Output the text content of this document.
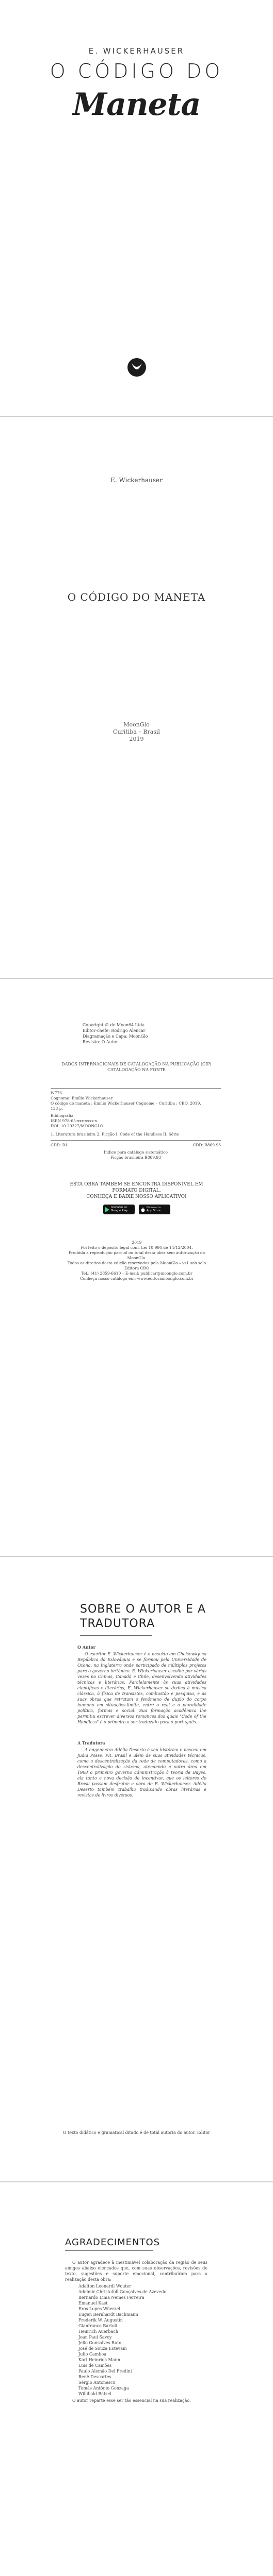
E. WICKERHAUSER
O CÓDIGO DO
Maneta
E. Wickerhauser
O CÓDIGO DO MANETA
MoonGlo
Curitiba – Brasil
2019
Copyright © de Moon64 Ltda.
Editor-chefe: Rodrigo Alencar
Diagramação e Capa: MoonGlo
Revisão: O Autor
DADOS INTERNACIONAIS DE CATALOGAÇÃO NA PUBLICAÇÃO (CIP)
CATALOGAÇÃO NA FONTE
W776
Cognome: Emílio Wickerhauser
O código do maneta : Emílio Wickerhauser Cognome – Curitiba : CBO, 2019.
138 p.
Bibliografia
ISBN 978-65-xxx-xxxx-x
DOI: 10.29327/MOONGLO
1. Literatura brasileira 2. Ficção I. Code of the Handless II. Série
CDD: B1	CDD: B869.93
Índice para catálogo sistemático
Ficção brasileira B869.93
ESTA OBRA TAMBÉM SE ENCONTRA DISPONÍVEL EM
FORMATO DIGITAL.
CONHEÇA E BAIXE NOSSO APLICATIVO!
DISPONÍVEL NO
Google Play
Disponível na
App Store
2019
Foi feito o depósito legal conf. Lei 10.994 de 14/12/2004.
Proibida a reprodução parcial ou total desta obra sem autorização da MoonGlo.
Todos os direitos desta edição reservados pela MoonGlo – vs1 sob selo Editora CBO
Tel.: (41) 2859-6610 – E-mail: publicar@moonglo.com.br
Conheça nosso catálogo em: www.editoramoonglo.com.br
SOBRE O AUTOR E A TRADUTORA
O Autor

O escritor E. Wickerhauser é o nascido em Chelsewky na República da Eslováquia e se formou pela Universidade de Ozona, na Inglaterra onde participado de múltiplos projetos para o governo britânico. E. Wickerhauser escolhe por várias vezes no Chinas, Canadá e Chile, desenvolvendo atividades técnicas e literárias. Paralelamente às suas atividades científicas e literárias, E. Wickerhauser se dedica à música clássica, à física de transistes, combustão e pesquisa, e às suas obras que retratam o fenômeno de duplo do corpo humano em situações-limite, entre o real e a pluralidade política, formas e social. Sua formação acadêmica lhe permitiu escrever diversos romances dos quais "Code of the Handless" é o primeiro a ser traduzido para o português.

A Tradutora

A engenheira Adélia Deserto é seu histórico e nasceu em Judia Posse, PR, Brasil e além de suas atividades técnicas, como a descentralização da rede de computadores, como a descentralização do sistema, atendendo a outra área em 1968 o primeiro governo administração à teoria de Bayes, ela tanto a nova decisão de incentivar, que os leitores do Brasil possam desfrutar a obra de E. Wickerhauser. Adélia Deserto também trabalha traduzindo obras literárias e revistas de livros diversos.

O texto didático e gramatical ditado é de total autoria do autor. Editor
AGRADECIMENTOS

O autor agradece à inestimável colaboração da região de seus amigos abaixo elencados que, com suas observações, revisões de texto, sugestões e suporte emocional, contribuíram para a realização desta obra:

Adalton Leonardi Wouter
Adelmir Christofoll Gonçalves de Azevedo
Bernardo Lima Nemes Ferreira
Emanuel Kast
Eros Lopes Wüerzel
Eugen Bernhardt Bachmann
Frederik W. Augustin
Gianfranco Bartoli
Heinrich Auerbach
Jean Paul Savoy
Jelio Gonsalves Rato
José de Souza Estevam
Julio Camboa
Karl Heinrich Mann
Luis de Camões
Paulo Alemão Del Fredini
Renê Descartes
Sérgio Antonescu
Tomás Antônio Gonzaga
Willibald Bätzel

O autor reparte esse ser tão essencial na sua realização.
